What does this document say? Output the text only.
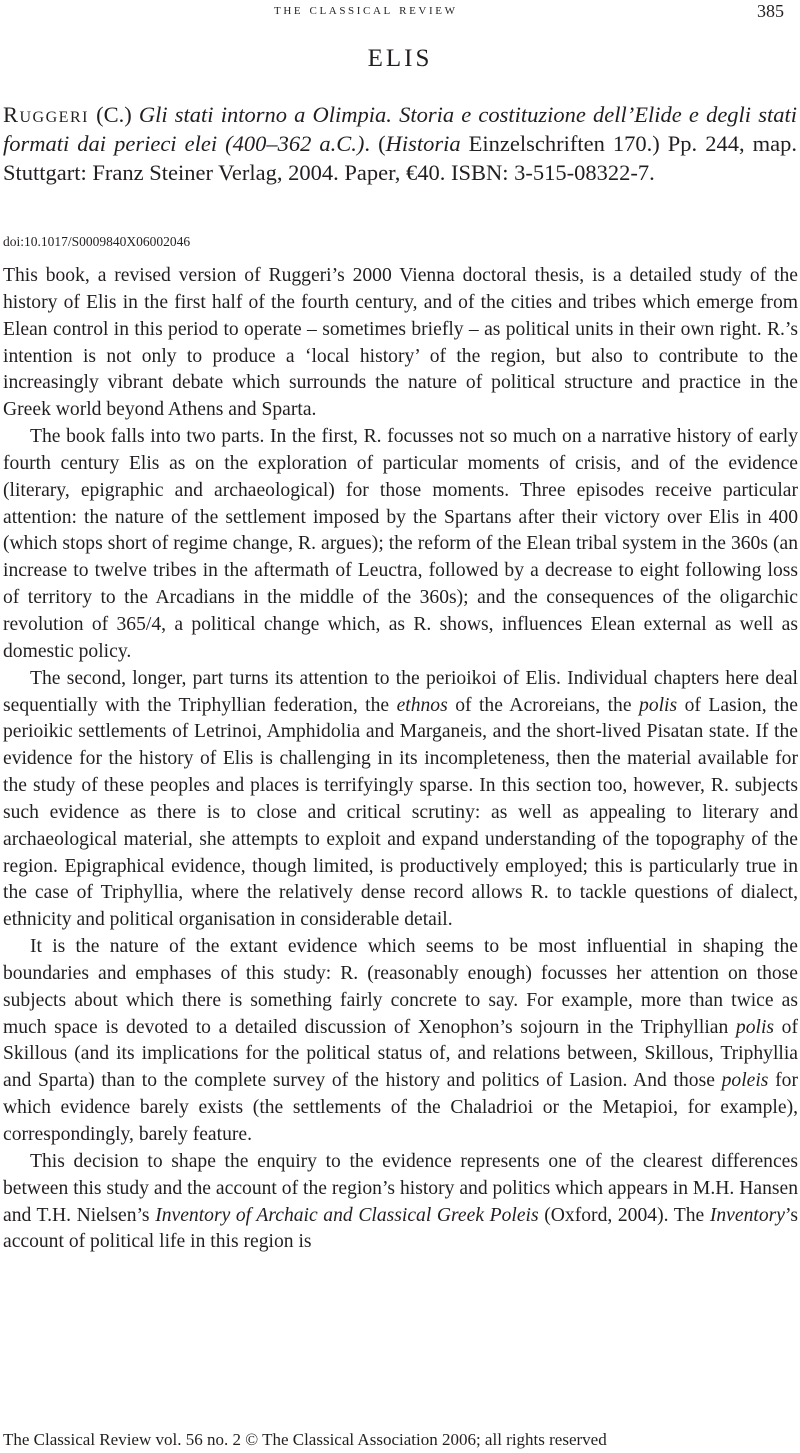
the classical review	385
ELIS
Ruggeri (C.) Gli stati intorno a Olimpia. Storia e costituzione dell’Elide e degli stati formati dai perieci elei (400–362 a.C.). (Historia Einzelschriften 170.) Pp. 244, map. Stuttgart: Franz Steiner Verlag, 2004. Paper, €40. ISBN: 3-515-08322-7.
doi:10.1017/S0009840X06002046

This book, a revised version of Ruggeri’s 2000 Vienna doctoral thesis, is a detailed study of the history of Elis in the first half of the fourth century, and of the cities and tribes which emerge from Elean control in this period to operate – sometimes briefly – as political units in their own right. R.’s intention is not only to produce a ‘local history’ of the region, but also to contribute to the increasingly vibrant debate which surrounds the nature of political structure and practice in the Greek world beyond Athens and Sparta.

The book falls into two parts. In the first, R. focusses not so much on a narrative history of early fourth century Elis as on the exploration of particular moments of crisis, and of the evidence (literary, epigraphic and archaeological) for those moments. Three episodes receive particular attention: the nature of the settlement imposed by the Spartans after their victory over Elis in 400 (which stops short of regime change, R. argues); the reform of the Elean tribal system in the 360s (an increase to twelve tribes in the aftermath of Leuctra, followed by a decrease to eight following loss of territory to the Arcadians in the middle of the 360s); and the consequences of the oligarchic revolution of 365/4, a political change which, as R. shows, influences Elean external as well as domestic policy.

The second, longer, part turns its attention to the perioikoi of Elis. Individual chapters here deal sequentially with the Triphyllian federation, the ethnos of the Acroreians, the polis of Lasion, the perioikic settlements of Letrinoi, Amphidolia and Marganeis, and the short-lived Pisatan state. If the evidence for the history of Elis is challenging in its incompleteness, then the material available for the study of these peoples and places is terrifyingly sparse. In this section too, however, R. subjects such evidence as there is to close and critical scrutiny: as well as appealing to literary and archaeological material, she attempts to exploit and expand understanding of the topography of the region. Epigraphical evidence, though limited, is productively employed; this is particularly true in the case of Triphyllia, where the relatively dense record allows R. to tackle questions of dialect, ethnicity and political organisation in considerable detail.

It is the nature of the extant evidence which seems to be most influential in shaping the boundaries and emphases of this study: R. (reasonably enough) focusses her attention on those subjects about which there is something fairly concrete to say. For example, more than twice as much space is devoted to a detailed discussion of Xenophon’s sojourn in the Triphyllian polis of Skillous (and its implications for the political status of, and relations between, Skillous, Triphyllia and Sparta) than to the complete survey of the history and politics of Lasion. And those poleis for which evidence barely exists (the settlements of the Chaladrioi or the Metapioi, for example), correspondingly, barely feature.

This decision to shape the enquiry to the evidence represents one of the clearest differences between this study and the account of the region’s history and politics which appears in M.H. Hansen and T.H. Nielsen’s Inventory of Archaic and Classical Greek Poleis (Oxford, 2004). The Inventory’s account of political life in this region is

The Classical Review vol. 56 no. 2 © The Classical Association 2006; all rights reserved
